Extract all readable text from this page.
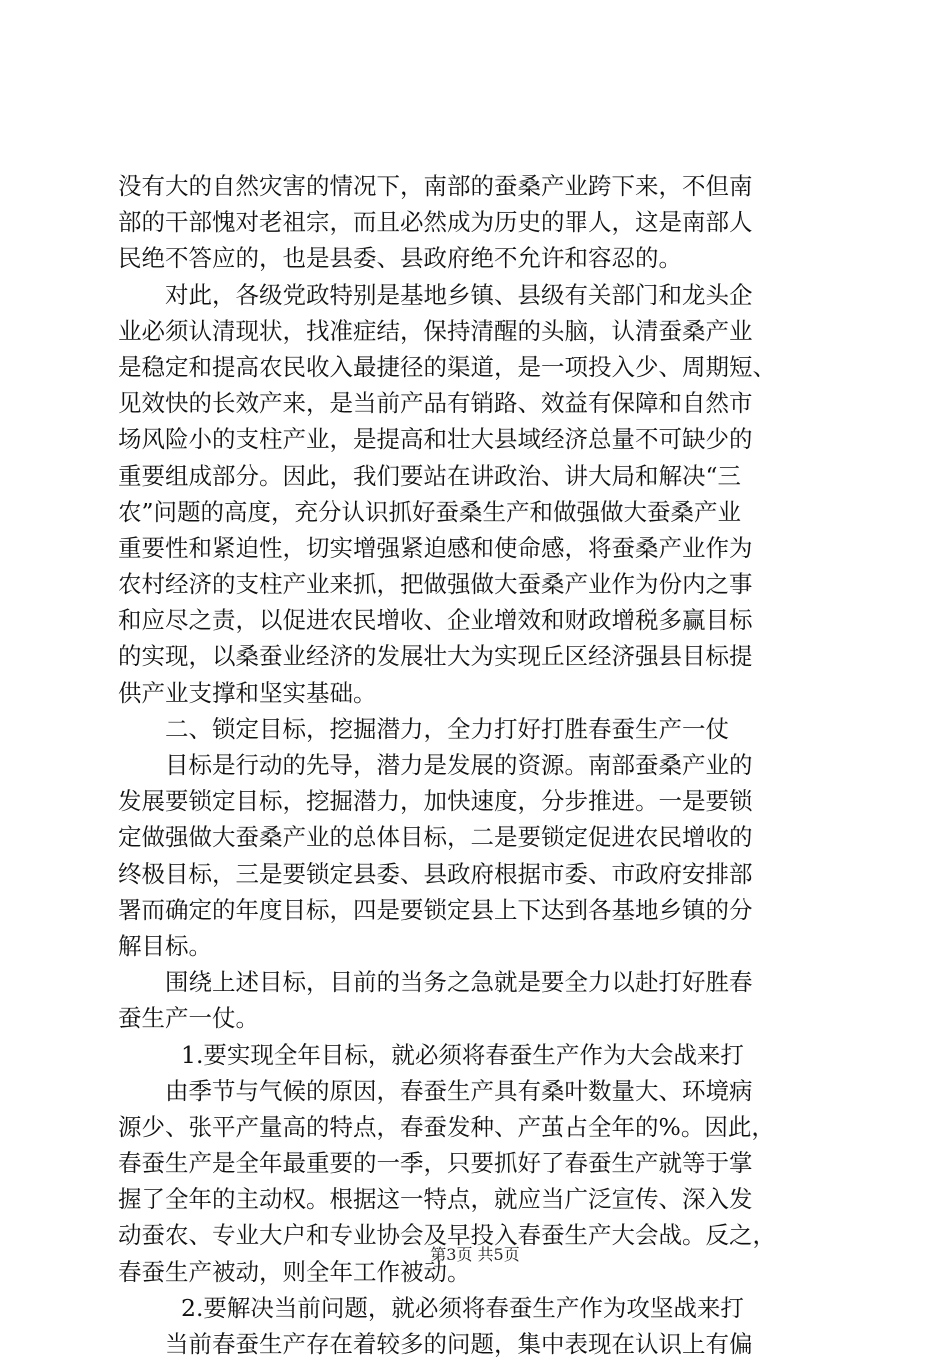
没有大的自然灾害的情况下，南部的蚕桑产业跨下来，不但南
部的干部愧对老祖宗，而且必然成为历史的罪人，这是南部人
民绝不答应的，也是县委、县政府绝不允许和容忍的。
对此，各级党政特别是基地乡镇、县级有关部门和龙头企
业必须认清现状，找准症结，保持清醒的头脑，认清蚕桑产业
是稳定和提高农民收入最捷径的渠道，是一项投入少、周期短、
见效快的长效产来，是当前产品有销路、效益有保障和自然市
场风险小的支柱产业，是提高和壮大县域经济总量不可缺少的
重要组成部分。因此，我们要站在讲政治、讲大局和解决“三
农”问题的高度，充分认识抓好蚕桑生产和做强做大蚕桑产业
重要性和紧迫性，切实增强紧迫感和使命感，将蚕桑产业作为
农村经济的支柱产业来抓，把做强做大蚕桑产业作为份内之事
和应尽之责，以促进农民增收、企业增效和财政增税多赢目标
的实现，以桑蚕业经济的发展壮大为实现丘区经济强县目标提
供产业支撑和坚实基础。
二、锁定目标，挖掘潜力，全力打好打胜春蚕生产一仗
目标是行动的先导，潜力是发展的资源。南部蚕桑产业的
发展要锁定目标，挖掘潜力，加快速度，分步推进。一是要锁
定做强做大蚕桑产业的总体目标，二是要锁定促进农民增收的
终极目标，三是要锁定县委、县政府根据市委、市政府安排部
署而确定的年度目标，四是要锁定县上下达到各基地乡镇的分
解目标。
围绕上述目标，目前的当务之急就是要全力以赴打好胜春
蚕生产一仗。
1.要实现全年目标，就必须将春蚕生产作为大会战来打
由季节与气候的原因，春蚕生产具有桑叶数量大、环境病
源少、张平产量高的特点，春蚕发种、产茧占全年的%。因此，
春蚕生产是全年最重要的一季，只要抓好了春蚕生产就等于掌
握了全年的主动权。根据这一特点，就应当广泛宣传、深入发
动蚕农、专业大户和专业协会及早投入春蚕生产大会战。反之，
春蚕生产被动，则全年工作被动。
2.要解决当前问题，就必须将春蚕生产作为攻坚战来打
当前春蚕生产存在着较多的问题，集中表现在认识上有偏
第3页 共5页
